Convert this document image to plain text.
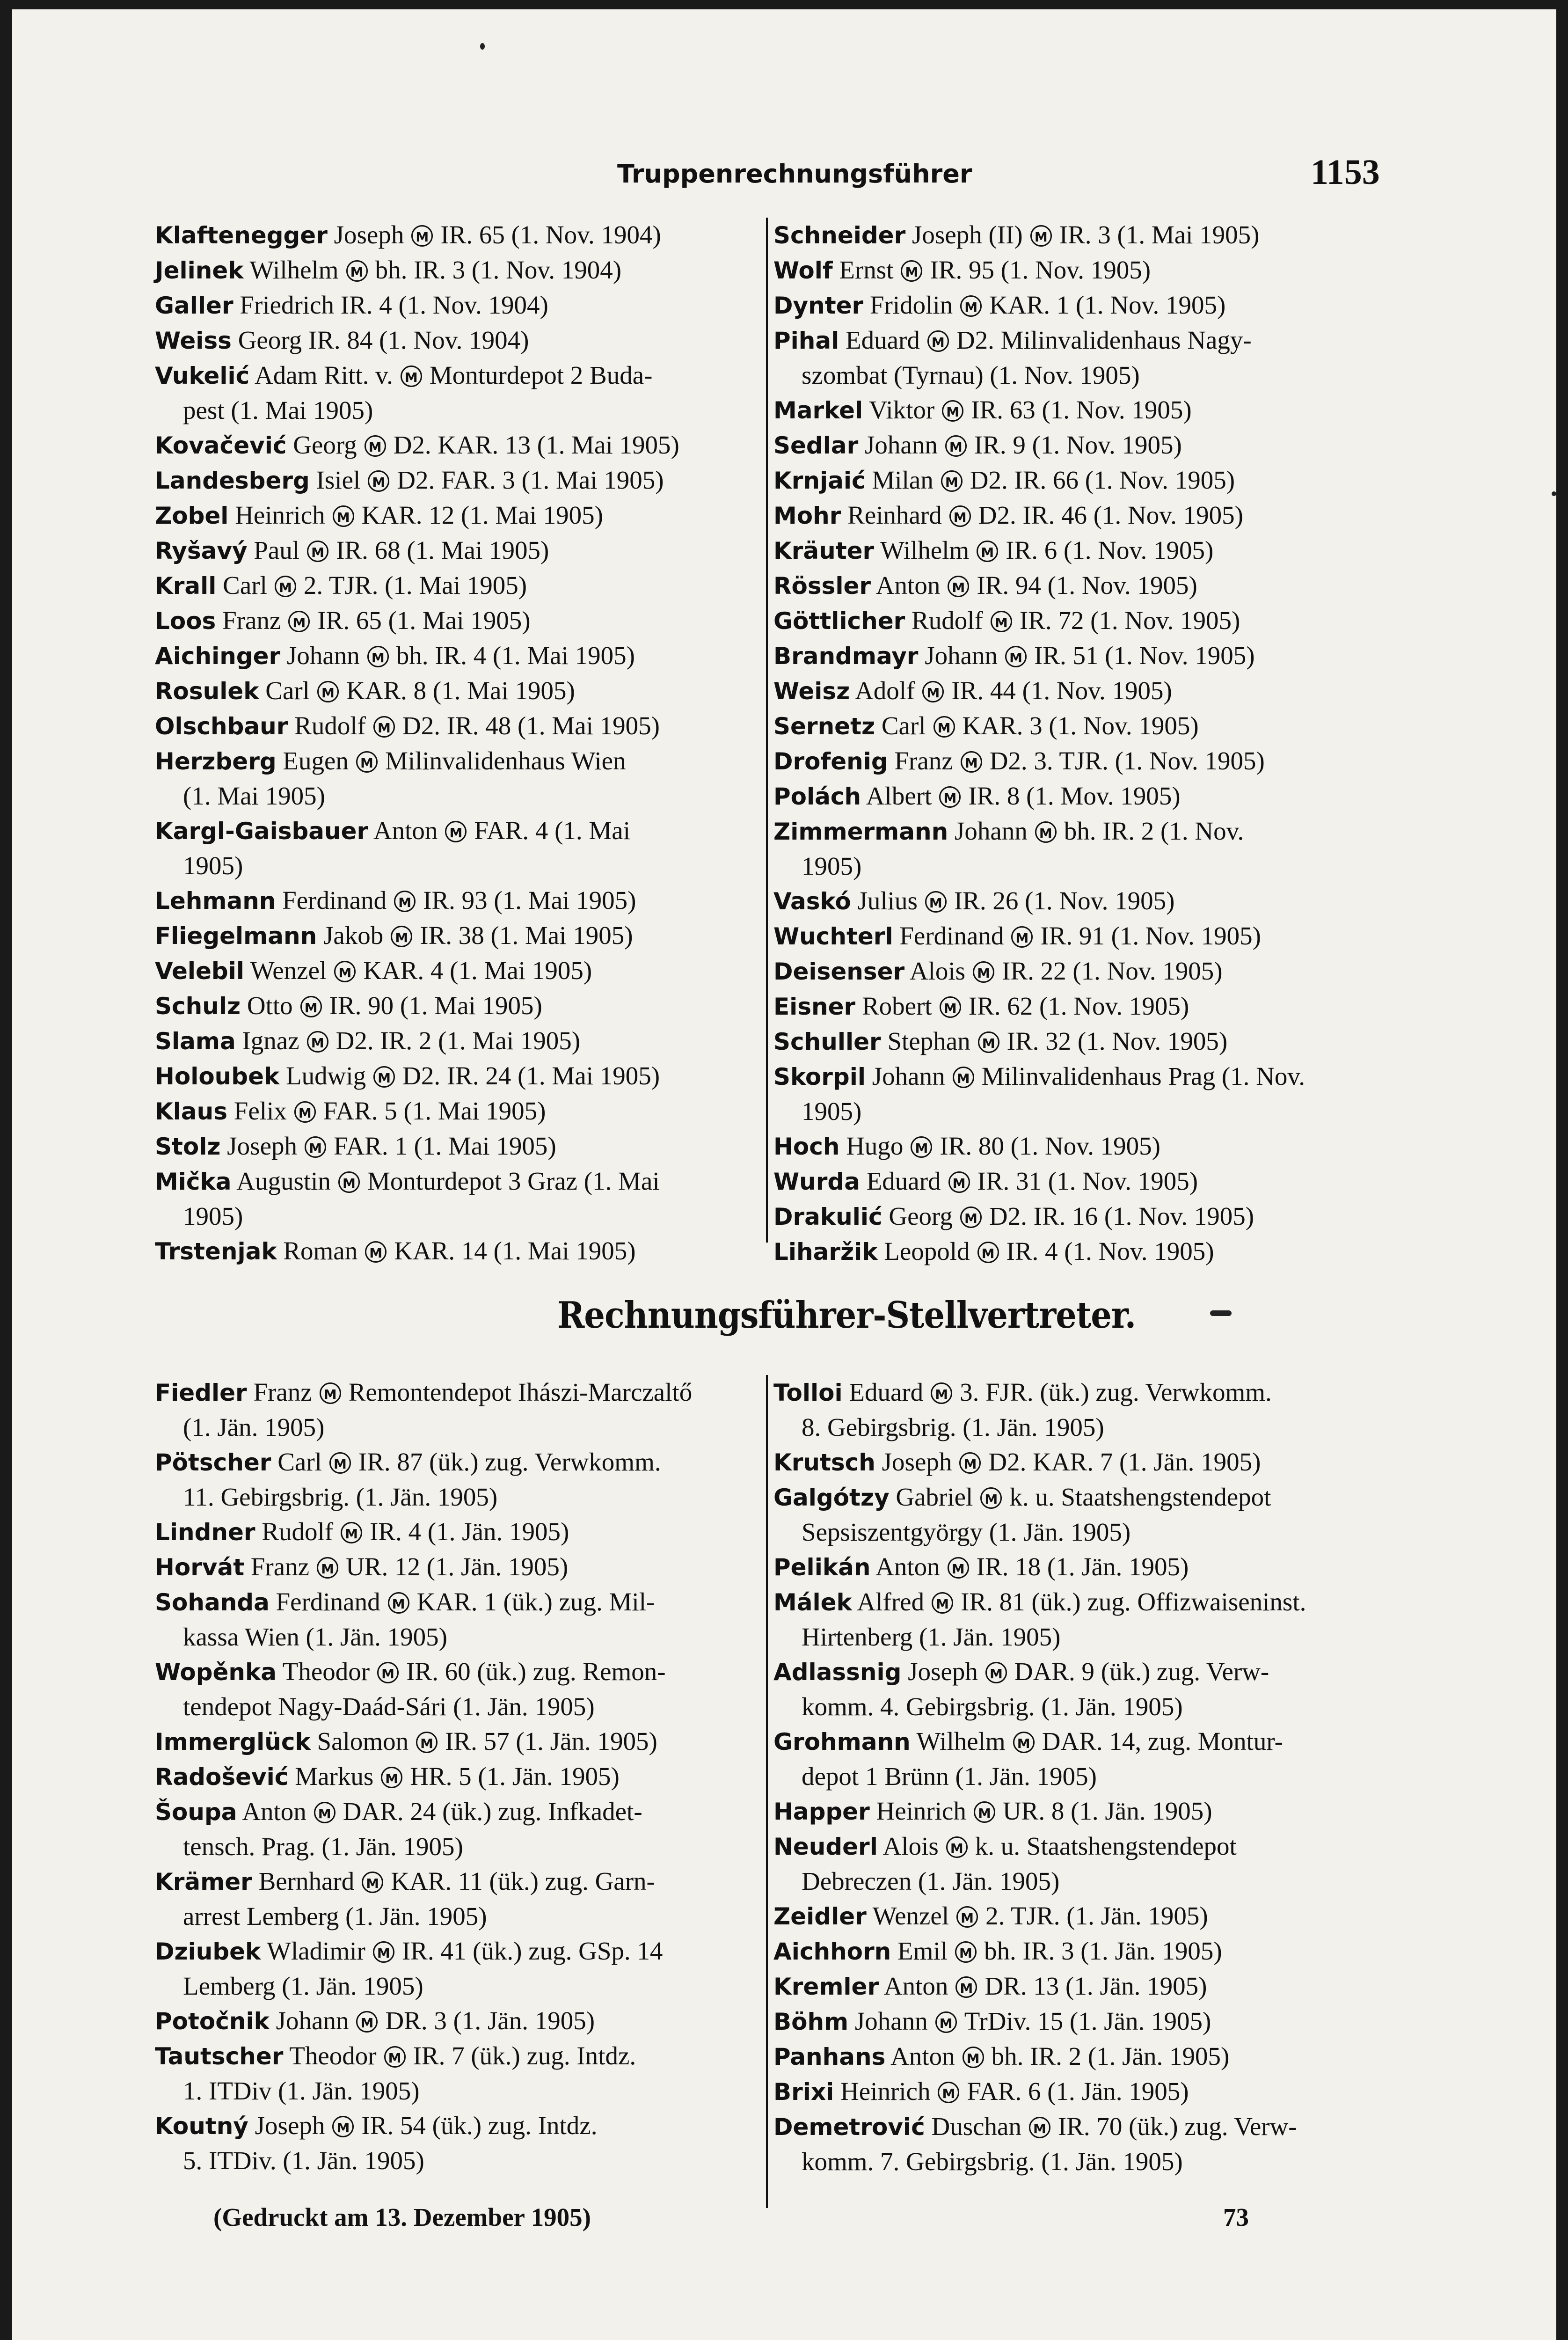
Truppenrechnungsführer	1153
Klaftenegger Joseph M IR. 65 (1. Nov. 1904)
Jelinek Wilhelm M bh. IR. 3 (1. Nov. 1904)
Galler Friedrich IR. 4 (1. Nov. 1904)
Weiss Georg IR. 84 (1. Nov. 1904)
Vukelić Adam Ritt. v. M Monturdepot 2 Buda-
pest (1. Mai 1905)
Kovačević Georg M D2. KAR. 13 (1. Mai 1905)
Landesberg Isiel M D2. FAR. 3 (1. Mai 1905)
Zobel Heinrich M KAR. 12 (1. Mai 1905)
Ryšavý Paul M IR. 68 (1. Mai 1905)
Krall Carl M 2. TJR. (1. Mai 1905)
Loos Franz M IR. 65 (1. Mai 1905)
Aichinger Johann M bh. IR. 4 (1. Mai 1905)
Rosulek Carl M KAR. 8 (1. Mai 1905)
Olschbaur Rudolf M D2. IR. 48 (1. Mai 1905)
Herzberg Eugen M Milinvalidenhaus Wien
(1. Mai 1905)
Kargl-Gaisbauer Anton M FAR. 4 (1. Mai
1905)
Lehmann Ferdinand M IR. 93 (1. Mai 1905)
Fliegelmann Jakob M IR. 38 (1. Mai 1905)
Velebil Wenzel M KAR. 4 (1. Mai 1905)
Schulz Otto M IR. 90 (1. Mai 1905)
Slama Ignaz M D2. IR. 2 (1. Mai 1905)
Holoubek Ludwig M D2. IR. 24 (1. Mai 1905)
Klaus Felix M FAR. 5 (1. Mai 1905)
Stolz Joseph M FAR. 1 (1. Mai 1905)
Mička Augustin M Monturdepot 3 Graz (1. Mai
1905)
Trstenjak Roman M KAR. 14 (1. Mai 1905)
Schneider Joseph (II) M IR. 3 (1. Mai 1905)
Wolf Ernst M IR. 95 (1. Nov. 1905)
Dynter Fridolin M KAR. 1 (1. Nov. 1905)
Pihal Eduard M D2. Milinvalidenhaus Nagy-
szombat (Tyrnau) (1. Nov. 1905)
Markel Viktor M IR. 63 (1. Nov. 1905)
Sedlar Johann M IR. 9 (1. Nov. 1905)
Krnjaić Milan M D2. IR. 66 (1. Nov. 1905)
Mohr Reinhard M D2. IR. 46 (1. Nov. 1905)
Kräuter Wilhelm M IR. 6 (1. Nov. 1905)
Rössler Anton M IR. 94 (1. Nov. 1905)
Göttlicher Rudolf M IR. 72 (1. Nov. 1905)
Brandmayr Johann M IR. 51 (1. Nov. 1905)
Weisz Adolf M IR. 44 (1. Nov. 1905)
Sernetz Carl M KAR. 3 (1. Nov. 1905)
Drofenig Franz M D2. 3. TJR. (1. Nov. 1905)
Polách Albert M IR. 8 (1. Mov. 1905)
Zimmermann Johann M bh. IR. 2 (1. Nov.
1905)
Vaskó Julius M IR. 26 (1. Nov. 1905)
Wuchterl Ferdinand M IR. 91 (1. Nov. 1905)
Deisenser Alois M IR. 22 (1. Nov. 1905)
Eisner Robert M IR. 62 (1. Nov. 1905)
Schuller Stephan M IR. 32 (1. Nov. 1905)
Skorpil Johann M Milinvalidenhaus Prag (1. Nov.
1905)
Hoch Hugo M IR. 80 (1. Nov. 1905)
Wurda Eduard M IR. 31 (1. Nov. 1905)
Drakulić Georg M D2. IR. 16 (1. Nov. 1905)
Liharžik Leopold M IR. 4 (1. Nov. 1905)
Rechnungsführer-Stellvertreter.
Fiedler Franz M Remontendepot Ihászi-Marczaltő
(1. Jän. 1905)
Pötscher Carl M IR. 87 (ük.) zug. Verwkomm.
11. Gebirgsbrig. (1. Jän. 1905)
Lindner Rudolf M IR. 4 (1. Jän. 1905)
Horvát Franz M UR. 12 (1. Jän. 1905)
Sohanda Ferdinand M KAR. 1 (ük.) zug. Mil-
kassa Wien (1. Jän. 1905)
Wopěnka Theodor M IR. 60 (ük.) zug. Remon-
tendepot Nagy-Daád-Sári (1. Jän. 1905)
Immerglück Salomon M IR. 57 (1. Jän. 1905)
Radošević Markus M HR. 5 (1. Jän. 1905)
Šoupa Anton M DAR. 24 (ük.) zug. Infkadet-
tensch. Prag. (1. Jän. 1905)
Krämer Bernhard M KAR. 11 (ük.) zug. Garn-
arrest Lemberg (1. Jän. 1905)
Dziubek Wladimir M IR. 41 (ük.) zug. GSp. 14
Lemberg (1. Jän. 1905)
Potočnik Johann M DR. 3 (1. Jän. 1905)
Tautscher Theodor M IR. 7 (ük.) zug. Intdz.
1. ITDiv (1. Jän. 1905)
Koutný Joseph M IR. 54 (ük.) zug. Intdz.
5. ITDiv. (1. Jän. 1905)
Tolloi Eduard M 3. FJR. (ük.) zug. Verwkomm.
8. Gebirgsbrig. (1. Jän. 1905)
Krutsch Joseph M D2. KAR. 7 (1. Jän. 1905)
Galgótzy Gabriel M k. u. Staatshengstendepot
Sepsiszentgyörgy (1. Jän. 1905)
Pelikán Anton M IR. 18 (1. Jän. 1905)
Málek Alfred M IR. 81 (ük.) zug. Offizwaiseninst.
Hirtenberg (1. Jän. 1905)
Adlassnig Joseph M DAR. 9 (ük.) zug. Verw-
komm. 4. Gebirgsbrig. (1. Jän. 1905)
Grohmann Wilhelm M DAR. 14, zug. Montur-
depot 1 Brünn (1. Jän. 1905)
Happer Heinrich M UR. 8 (1. Jän. 1905)
Neuderl Alois M k. u. Staatshengstendepot
Debreczen (1. Jän. 1905)
Zeidler Wenzel M 2. TJR. (1. Jän. 1905)
Aichhorn Emil M bh. IR. 3 (1. Jän. 1905)
Kremler Anton M DR. 13 (1. Jän. 1905)
Böhm Johann M TrDiv. 15 (1. Jän. 1905)
Panhans Anton M bh. IR. 2 (1. Jän. 1905)
Brixi Heinrich M FAR. 6 (1. Jän. 1905)
Demetrović Duschan M IR. 70 (ük.) zug. Verw-
komm. 7. Gebirgsbrig. (1. Jän. 1905)
(Gedruckt am 13. Dezember 1905)	73
